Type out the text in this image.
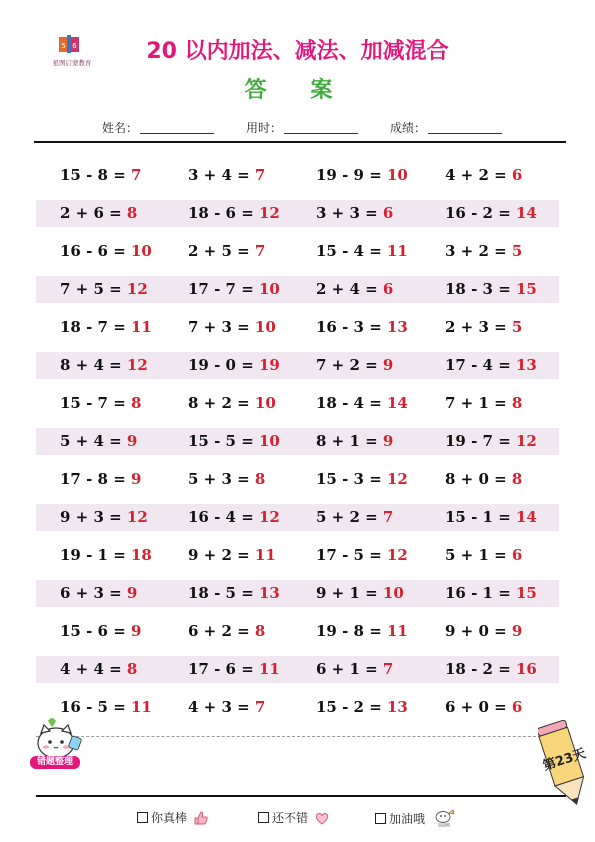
5 6
星图启蒙教育	20 以内加法、减法、加减混合
答 案
姓名：	用时：	成绩：
15 - 8 = 7	3 + 4 = 7	19 - 9 = 10 4 + 2 = 6
2 + 6 = 8	18 - 6 = 12 3 + 3 = 6	16 - 2 = 14
16 - 6 = 10 2 + 5 = 7	15 - 4 = 11 3 + 2 = 5
7 + 5 = 12	17 - 7 = 10 2 + 4 = 6	18 - 3 = 15
18 - 7 = 11 7 + 3 = 10	16 - 3 = 13 2 + 3 = 5
8 + 4 = 12	19 - 0 = 19 7 + 2 = 9	17 - 4 = 13
15 - 7 = 8	8 + 2 = 10	18 - 4 = 14 7 + 1 = 8
5 + 4 = 9	15 - 5 = 10 8 + 1 = 9	19 - 7 = 12
17 - 8 = 9	5 + 3 = 8	15 - 3 = 12 8 + 0 = 8
9 + 3 = 12	16 - 4 = 12 5 + 2 = 7	15 - 1 = 14
19 - 1 = 18 9 + 2 = 11	17 - 5 = 12 5 + 1 = 6
6 + 3 = 9	18 - 5 = 13 9 + 1 = 10	16 - 1 = 15
15 - 6 = 9	6 + 2 = 8	19 - 8 = 11 9 + 0 = 9
4 + 4 = 8	17 - 6 = 11 6 + 1 = 7	18 - 2 = 16
16 - 5 = 11 4 + 3 = 7	15 - 2 = 13 6 + 0 = 6
错题整理	第23天
你真棒	还不错	加油哦	加油鸭
